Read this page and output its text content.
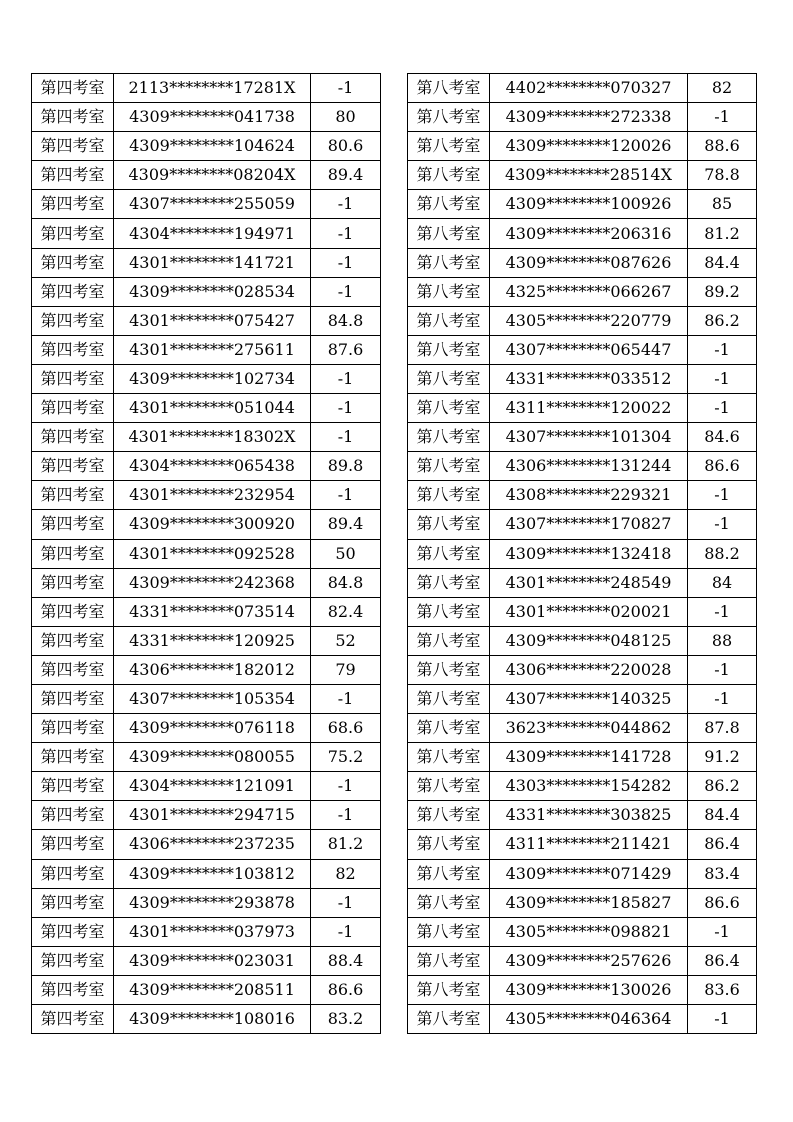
第四考室	2113********17281X	-1
第四考室	4309********041738	80
第四考室	4309********104624	80.6
第四考室	4309********08204X	89.4
第四考室	4307********255059	-1
第四考室	4304********194971	-1
第四考室	4301********141721	-1
第四考室	4309********028534	-1
第四考室	4301********075427	84.8
第四考室	4301********275611	87.6
第四考室	4309********102734	-1
第四考室	4301********051044	-1
第四考室	4301********18302X	-1
第四考室	4304********065438	89.8
第四考室	4301********232954	-1
第四考室	4309********300920	89.4
第四考室	4301********092528	50
第四考室	4309********242368	84.8
第四考室	4331********073514	82.4
第四考室	4331********120925	52
第四考室	4306********182012	79
第四考室	4307********105354	-1
第四考室	4309********076118	68.6
第四考室	4309********080055	75.2
第四考室	4304********121091	-1
第四考室	4301********294715	-1
第四考室	4306********237235	81.2
第四考室	4309********103812	82
第四考室	4309********293878	-1
第四考室	4301********037973	-1
第四考室	4309********023031	88.4
第四考室	4309********208511	86.6
第四考室	4309********108016	83.2
第八考室	4402********070327	82
第八考室	4309********272338	-1
第八考室	4309********120026	88.6
第八考室	4309********28514X	78.8
第八考室	4309********100926	85
第八考室	4309********206316	81.2
第八考室	4309********087626	84.4
第八考室	4325********066267	89.2
第八考室	4305********220779	86.2
第八考室	4307********065447	-1
第八考室	4331********033512	-1
第八考室	4311********120022	-1
第八考室	4307********101304	84.6
第八考室	4306********131244	86.6
第八考室	4308********229321	-1
第八考室	4307********170827	-1
第八考室	4309********132418	88.2
第八考室	4301********248549	84
第八考室	4301********020021	-1
第八考室	4309********048125	88
第八考室	4306********220028	-1
第八考室	4307********140325	-1
第八考室	3623********044862	87.8
第八考室	4309********141728	91.2
第八考室	4303********154282	86.2
第八考室	4331********303825	84.4
第八考室	4311********211421	86.4
第八考室	4309********071429	83.4
第八考室	4309********185827	86.6
第八考室	4305********098821	-1
第八考室	4309********257626	86.4
第八考室	4309********130026	83.6
第八考室	4305********046364	-1
